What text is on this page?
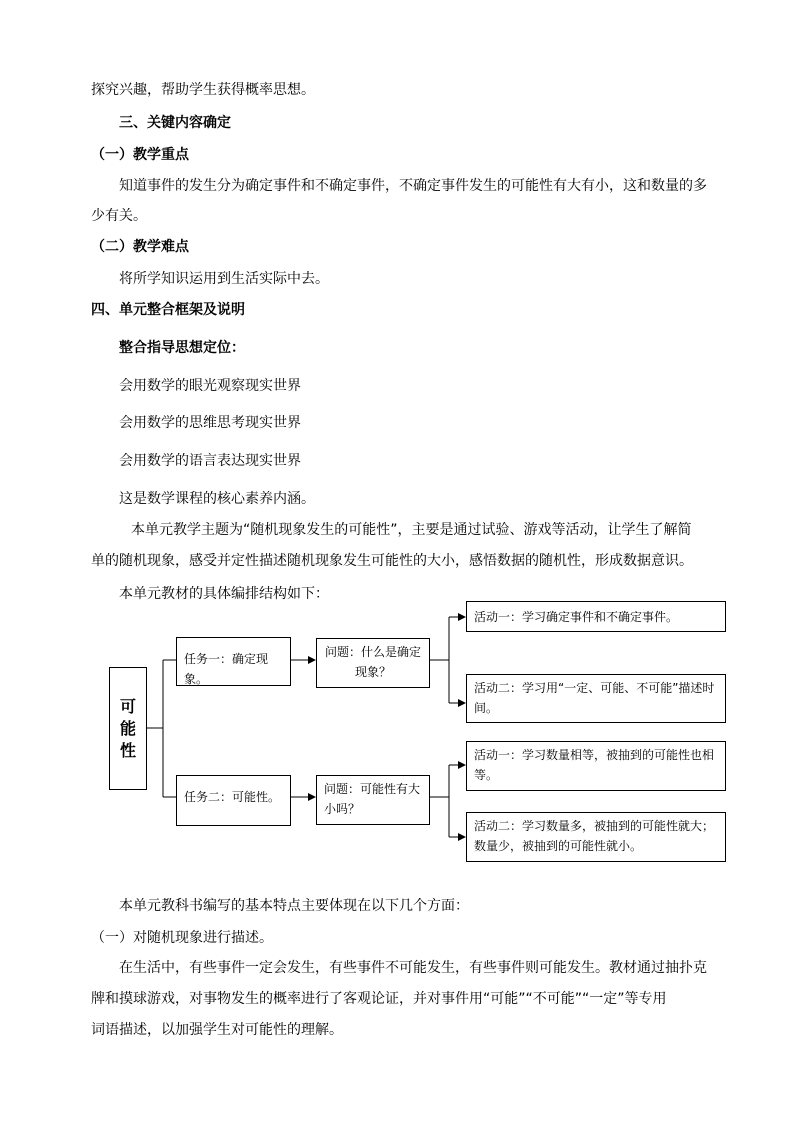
探究兴趣，帮助学生获得概率思想。
三、关键内容确定
（一）教学重点
知道事件的发生分为确定事件和不确定事件，不确定事件发生的可能性有大有小，这和数量的多
少有关。
（二）教学难点
将所学知识运用到生活实际中去。
四、单元整合框架及说明
整合指导思想定位：
会用数学的眼光观察现实世界
会用数学的思维思考现实世界
会用数学的语言表达现实世界
这是数学课程的核心素养内涵。
本单元教学主题为“随机现象发生的可能性”，主要是通过试验、游戏等活动，让学生了解简
单的随机现象，感受并定性描述随机现象发生可能性的大小，感悟数据的随机性，形成数据意识。
本单元教材的具体编排结构如下：
可
能
性
任务一：确定现象。
任务二：可能性。
问题：什么是确定现象？
问题：可能性有大小吗？
活动一：学习确定事件和不确定事件。
活动二：学习用“一定、可能、不可能”描述时间。
活动一：学习数量相等，被抽到的可能性也相等。
活动二：学习数量多，被抽到的可能性就大；数量少，被抽到的可能性就小。
本单元教科书编写的基本特点主要体现在以下几个方面：
（一）对随机现象进行描述。
在生活中，有些事件一定会发生，有些事件不可能发生，有些事件则可能发生。教材通过抽扑克
牌和摸球游戏，对事物发生的概率进行了客观论证，并对事件用“可能”“不可能”“一定”等专用
词语描述，以加强学生对可能性的理解。
